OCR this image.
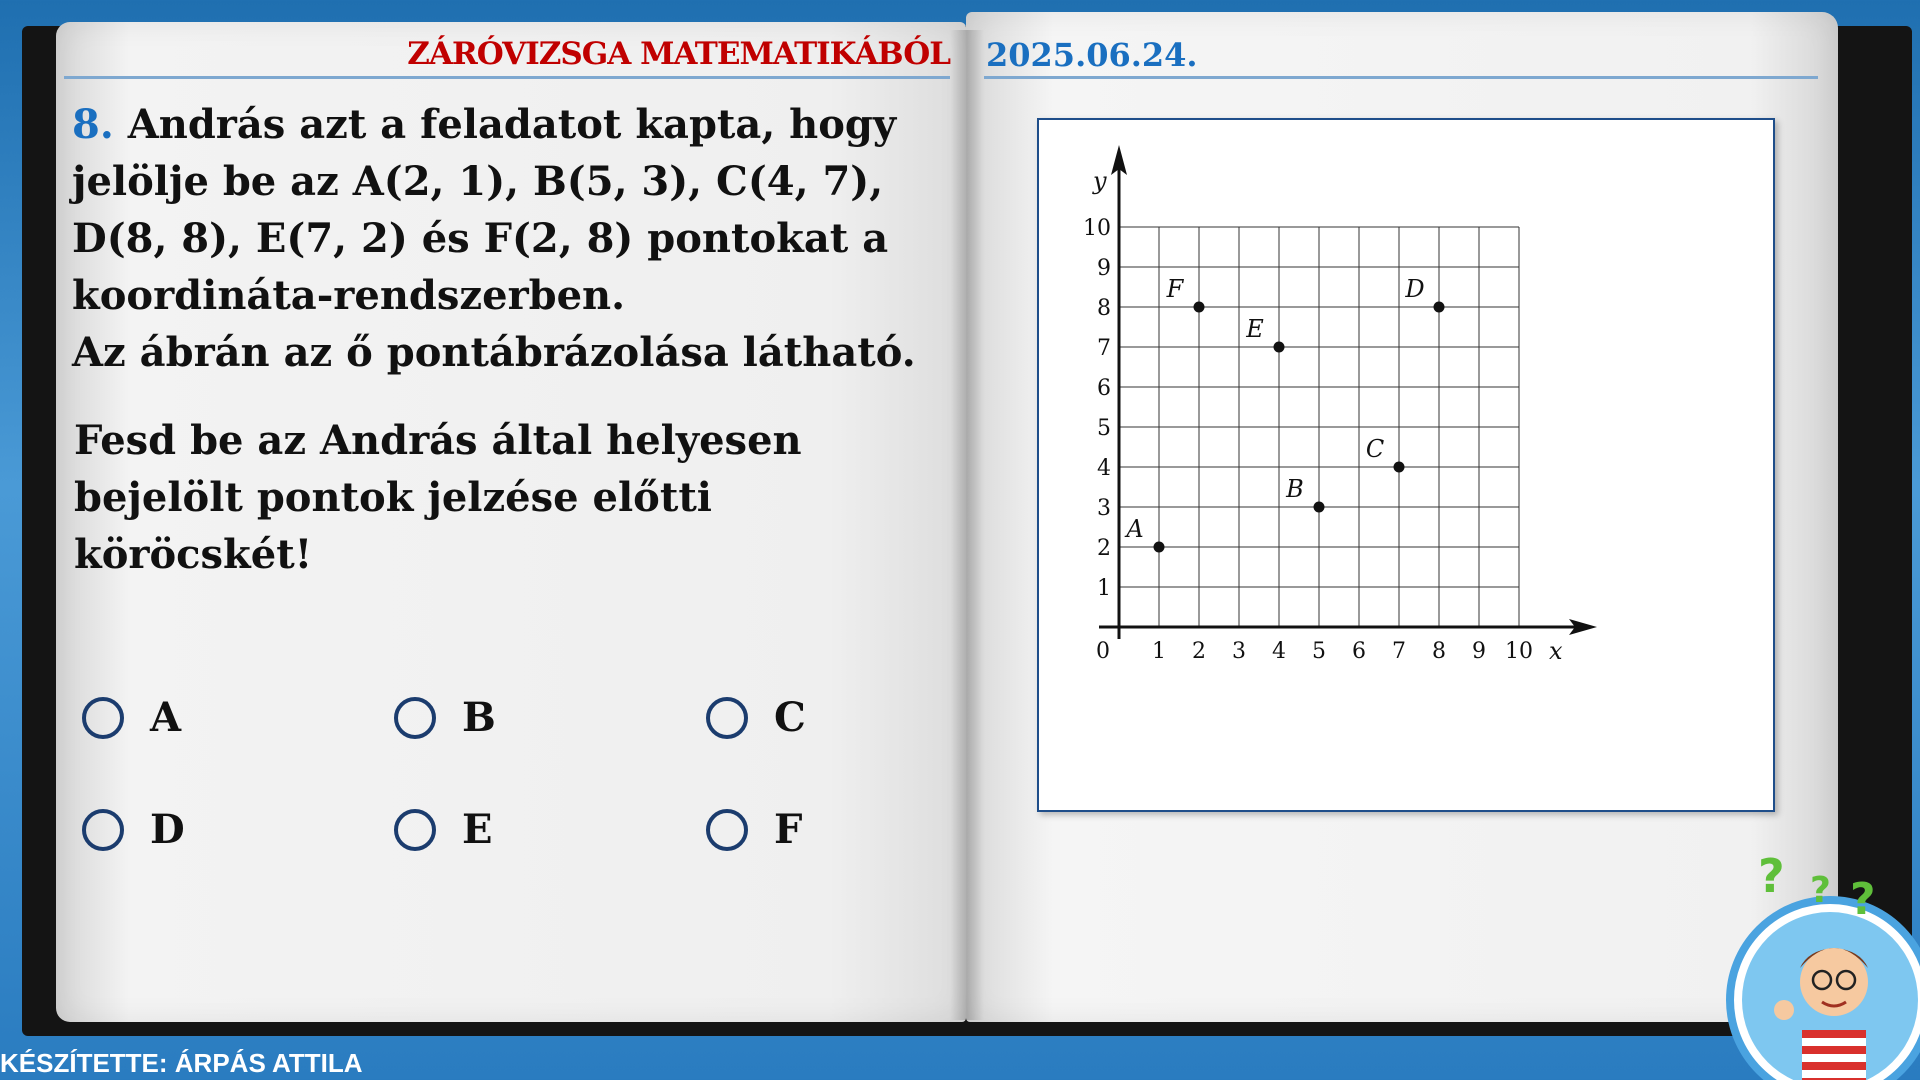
ZÁRÓVIZSGA MATEMATIKÁBÓL 2025.06.24.
8. András azt a feladatot kapta, hogy
jelölje be az A(2, 1), B(5, 3), C(4, 7),
D(8, 8), E(7, 2) és F(2, 8) pontokat a
koordináta-rendszerben.
Az ábrán az ő pontábrázolása látható.
Fesd be az András által helyesen
bejelölt pontok jelzése előtti
köröcskét!
A	B	C
D	E	F
x
y
0 1 2 3 4 5 6 7 8 9 10
1
2
3
4
5
6
7
8
9
10
A
B
C
D
E
F
KÉSZÍTETTE: ÁRPÁS ATTILA
? ? ?
